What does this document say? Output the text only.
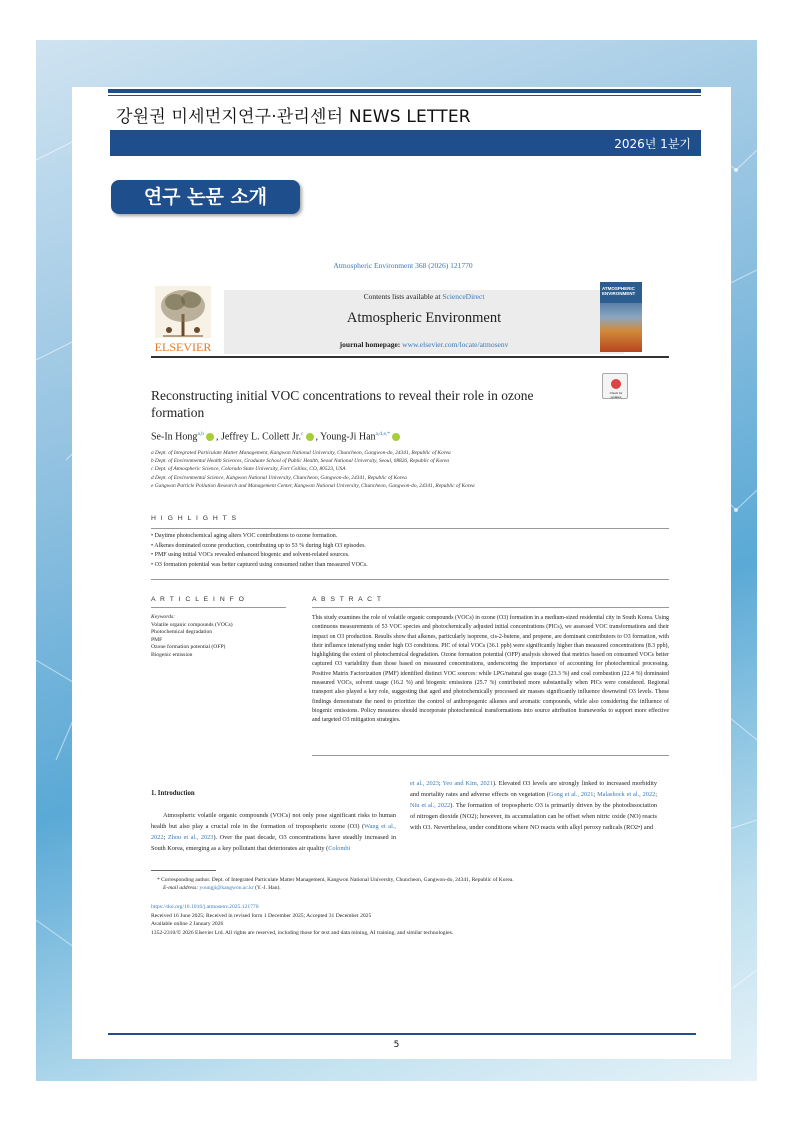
강원권 미세먼지연구·관리센터 NEWS LETTER
2026년 1분기
연구 논문 소개
Atmospheric Environment 368 (2026) 121770
ELSEVIER
Contents lists available at ScienceDirect
Atmospheric Environment
journal homepage: www.elsevier.com/locate/atmosenv
ATMOSPHERIC ENVIRONMENT
Reconstructing initial VOC concentrations to reveal their role in ozone formation
Check for updates
Se-In Hong$^{a,b}$ , Jeffrey L. Collett Jr.$^c$ , Young-Ji Han$^{a,d,e,*}$
a Dept. of Integrated Particulate Matter Management, Kangwon National University, Chuncheon, Gangwon-do, 24341, Republic of Korea
b Dept. of Environmental Health Sciences, Graduate School of Public Health, Seoul National University, Seoul, 08826, Republic of Korea
c Dept. of Atmospheric Science, Colorado State University, Fort Collins, CO, 80523, USA
d Dept. of Environmental Science, Kangwon National University, Chuncheon, Gangwon-do, 24341, Republic of Korea
e Gangwon Particle Pollution Research and Management Center, Kangwon National University, Chuncheon, Gangwon-do, 24341, Republic of Korea
H I G H L I G H T S
• Daytime photochemical aging alters VOC contributions to ozone formation.
• Alkenes dominated ozone production, contributing up to 53 % during high O3 episodes.
• PMF using initial VOCs revealed enhanced biogenic and solvent-related sources.
• O3 formation potential was better captured using consumed rather than measured VOCs.
A R T I C L E I N F O	A B S T R A C T
Keywords:
Volatile organic compounds (VOCs)
Photochemical degradation
PMF
Ozone formation potential (OFP)
Biogenic emission
This study examines the role of volatile organic compounds (VOCs) in ozone (O3) formation in a medium-sized residential city in South Korea. Using continuous measurements of 53 VOC species and photochemically adjusted initial concentrations (PICs), we assessed VOC transformations and their impact on O3 production. Results show that alkenes, particularly isoprene, cis-2-butene, and propene, are dominant contributors to O3 formation, with their influence intensifying under high O3 conditions. PIC of total VOCs (36.1 ppb) were significantly higher than measured concentrations (8.3 ppb), highlighting the extent of photochemical degradation. Ozone formation potential (OFP) analysis showed that metrics based on consumed VOCs better captured O3 variability than those based on measured concentrations, underscoring the importance of accounting for photochemical processing. Positive Matrix Factorization (PMF) identified distinct VOC sources: while LPG/natural gas usage (23.3 %) and coal combustion (22.4 %) dominated measured VOCs, solvent usage (16.2 %) and biogenic emissions (25.7 %) contributed more substantially when PICs were considered. Regional transport also played a key role, suggesting that aged and photochemically processed air masses significantly influence downwind O3 levels. These findings demonstrate the need to prioritize the control of anthropogenic alkenes and aromatic compounds, while also considering the influence of biogenic emissions. Policy measures should incorporate photochemical transformations into source attribution frameworks to support more effective and targeted O3 mitigation strategies.
1. Introduction
Atmospheric volatile organic compounds (VOCs) not only pose significant risks to human health but also play a crucial role in the formation of tropospheric ozone (O3) (Wang et al., 2022; Zhou et al., 2023). Over the past decade, O3 concentrations have steadily increased in South Korea, emerging as a key pollutant that deteriorates air quality (Colombi
et al., 2023; Yeo and Kim, 2021). Elevated O3 levels are strongly linked to increased morbidity and mortality rates and adverse effects on vegetation (Gong et al., 2021; Malashock et al., 2022; Niu et al., 2022). The formation of tropospheric O3 is primarily driven by the photodissociation of nitrogen dioxide (NO2); however, its accumulation can be offset when nitric oxide (NO) reacts with O3. Nevertheless, under conditions where NO reacts with alkyl peroxy radicals (RO2•) and
* Corresponding author. Dept. of Integrated Particulate Matter Management, Kangwon National University, Chuncheon, Gangwon-do, 24341, Republic of Korea.
E-mail address: youngji@kangwon.ac.kr (Y.-J. Han).
https://doi.org/10.1016/j.atmosenv.2025.121770
Received 16 June 2025; Received in revised form 1 December 2025; Accepted 31 December 2025
Available online 2 January 2026
1352-2310/© 2026 Elsevier Ltd. All rights are reserved, including those for text and data mining, AI training, and similar technologies.
5
